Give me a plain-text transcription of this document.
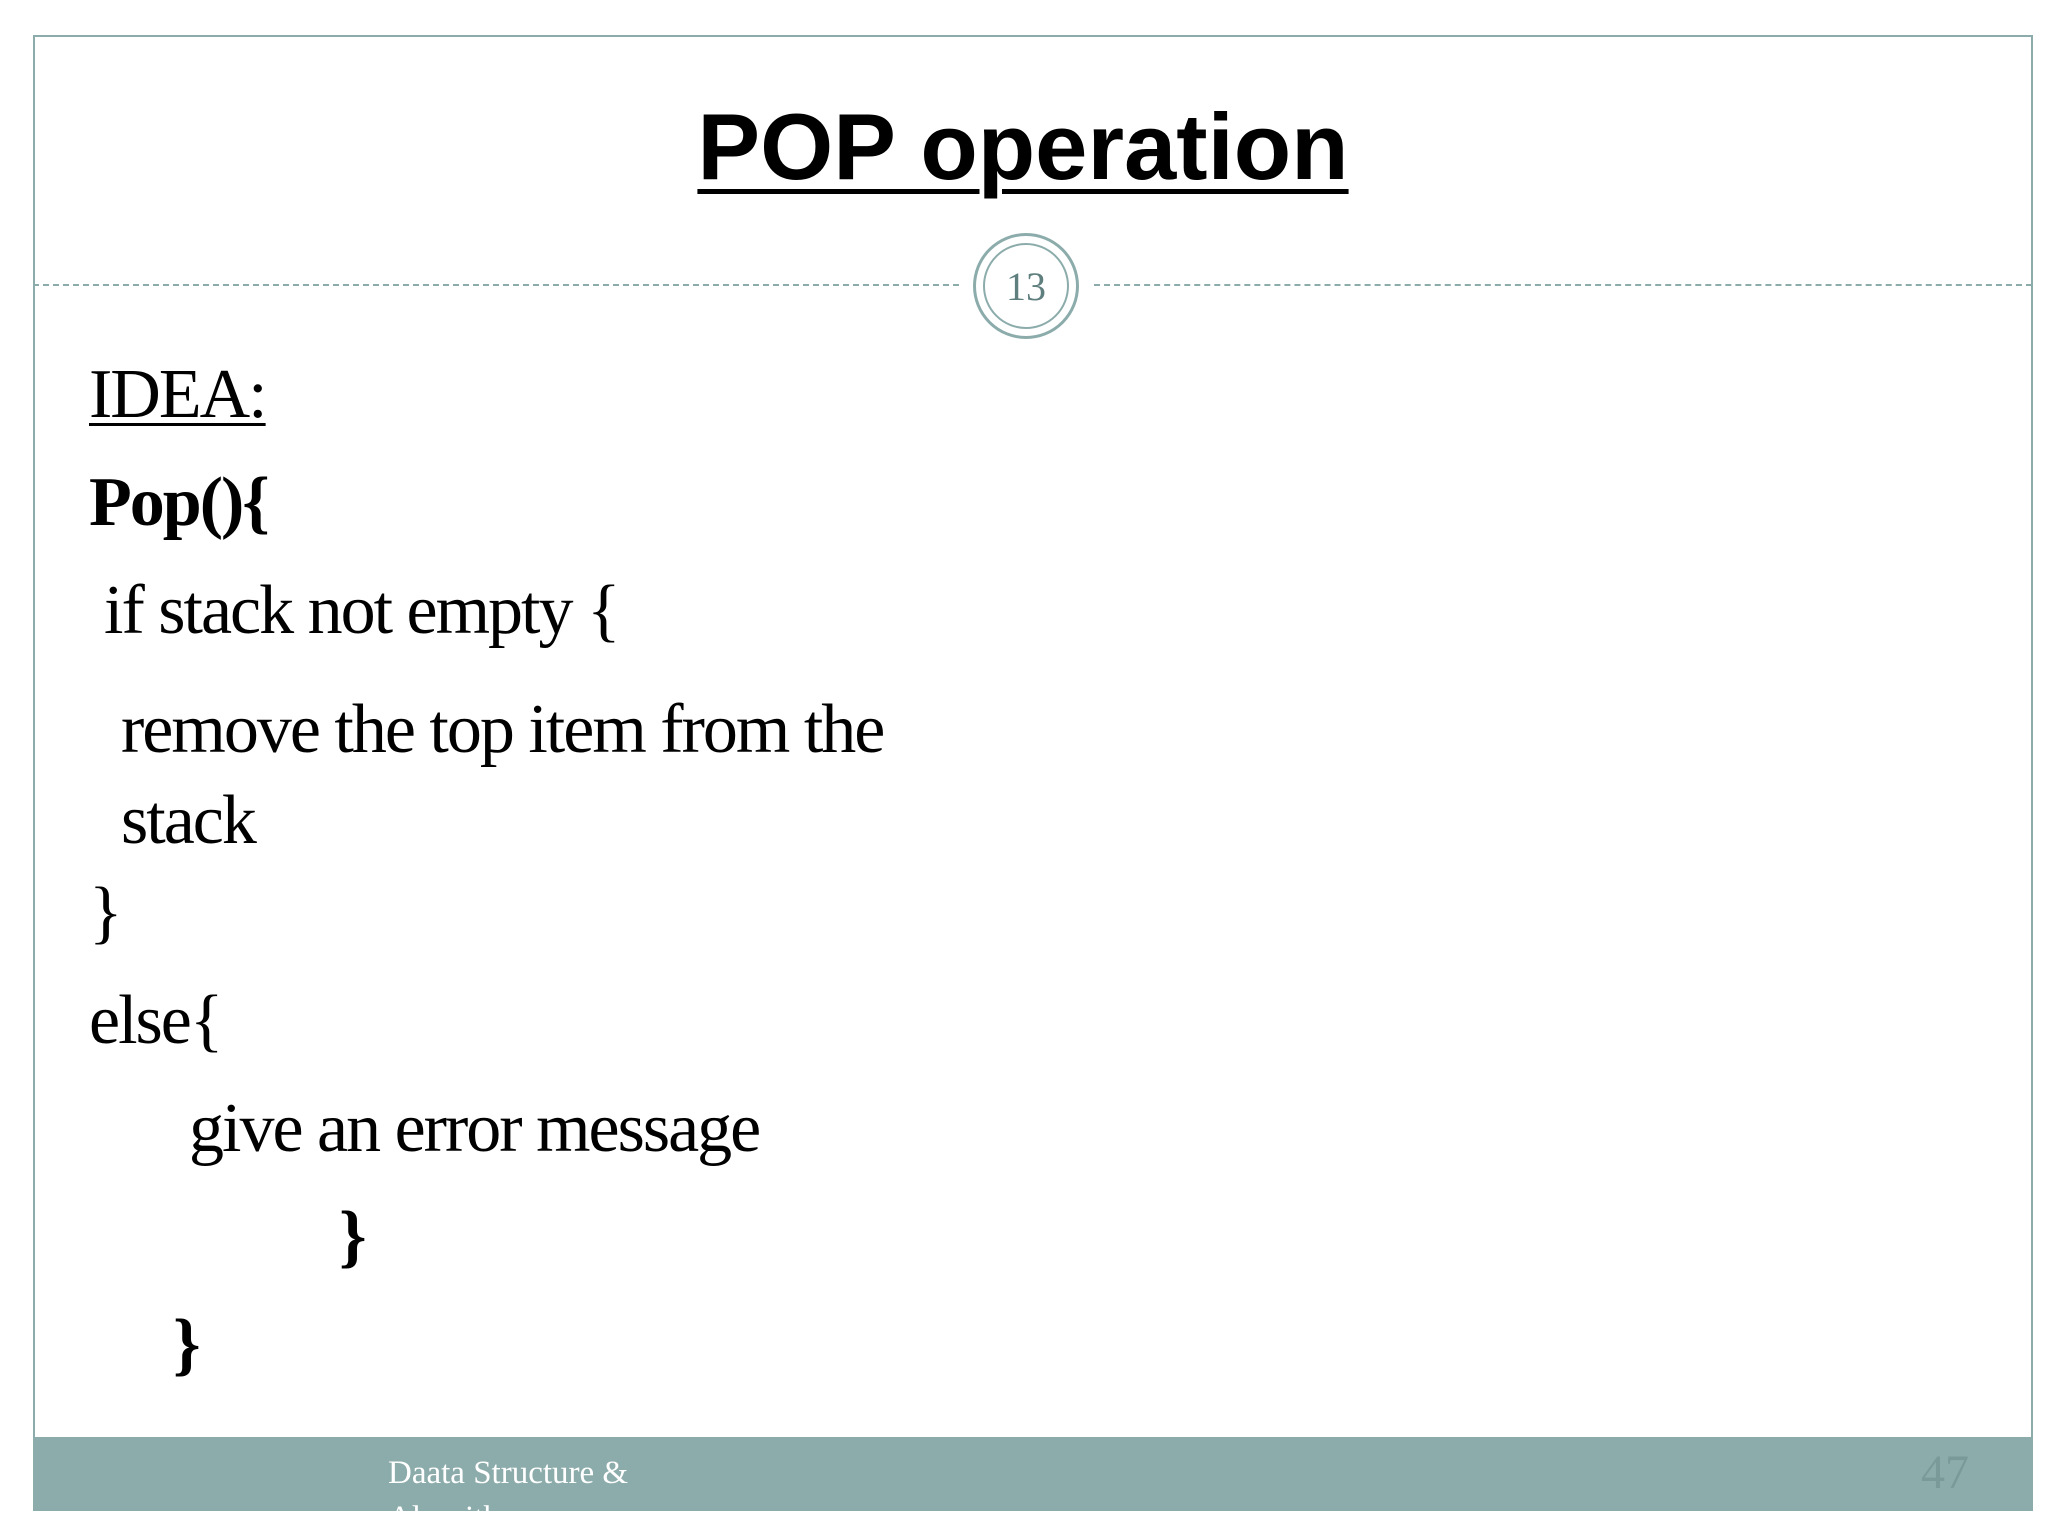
POP operation
13
IDEA:
Pop(){
if stack not empty {
remove the top item from the stack
}
else{
give an error message
}
}
Daata Structure & Algorithm
47
